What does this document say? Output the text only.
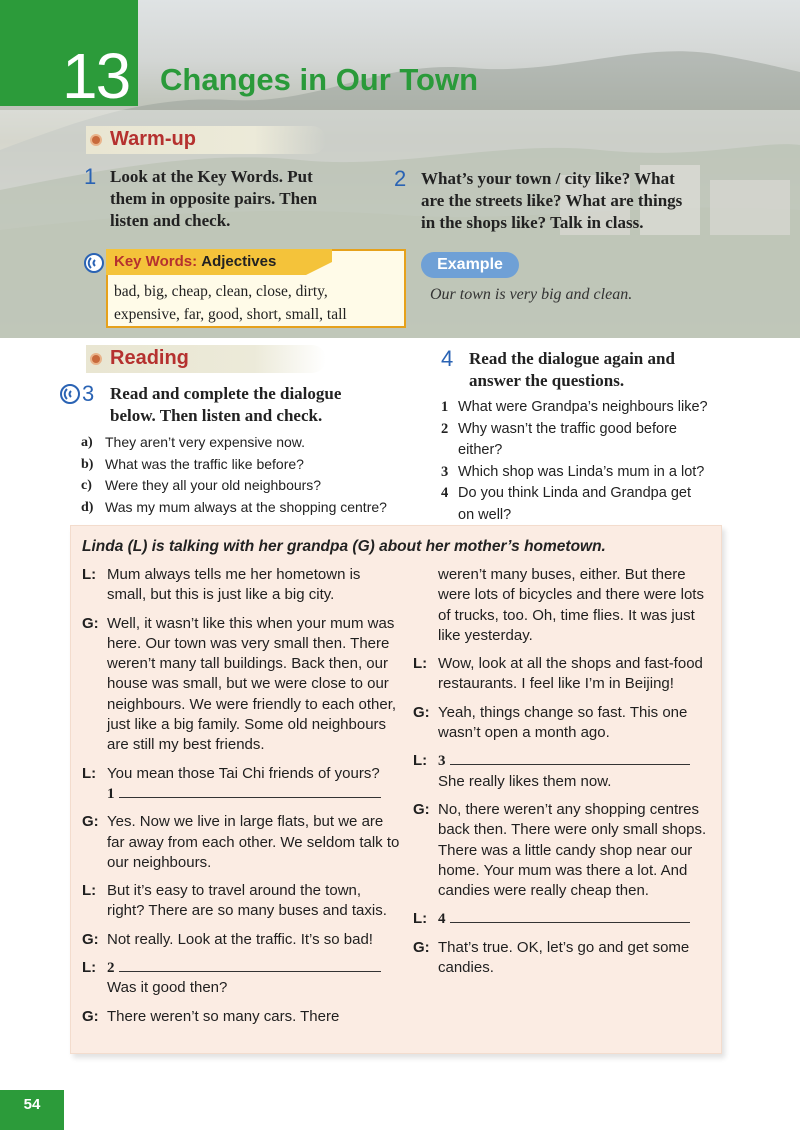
13 Changes in Our Town
Warm-up
1 Look at the Key Words. Put
them in opposite pairs. Then
listen and check.
2 What’s your town / city like? What
are the streets like? What are things
in the shops like? Talk in class.
Key Words: Adjectives
bad, big, cheap, clean, close, dirty,
expensive, far, good, short, small, tall
Example
Our town is very big and clean.
Reading
3 Read and complete the dialogue
below. Then listen and check.
a) They aren’t very expensive now.
b) What was the traffic like before?
c) Were they all your old neighbours?
d) Was my mum always at the shopping centre?
4 Read the dialogue again and
answer the questions.
1 What were Grandpa’s neighbours like?
2 Why wasn’t the traffic good before either?
3 Which shop was Linda’s mum in a lot?
4 Do you think Linda and Grandpa get on well?
Linda (L) is talking with her grandpa (G) about her mother’s hometown.
L: Mum always tells me her hometown is small, but this is just like a big city.
G: Well, it wasn’t like this when your mum was here. Our town was very small then. There weren’t many tall buildings. Back then, our house was small, but we were close to our neighbours. We were friendly to each other, just like a big family. Some old neighbours are still my best friends.
L: You mean those Tai Chi friends of yours?
1
G: Yes. Now we live in large flats, but we are far away from each other. We seldom talk to our neighbours.
L: But it’s easy to travel around the town, right? There are so many buses and taxis.
G: Not really. Look at the traffic. It’s so bad!
L: 2
Was it good then?
G: There weren’t so many cars. There
weren’t many buses, either. But there were lots of bicycles and there were lots of trucks, too. Oh, time flies. It was just like yesterday.
L: Wow, look at all the shops and fast-food restaurants. I feel like I’m in Beijing!
G: Yeah, things change so fast. This one wasn’t open a month ago.
L: 3
She really likes them now.
G: No, there weren’t any shopping centres back then. There were only small shops. There was a little candy shop near our home. Your mum was there a lot. And candies were really cheap then.
L: 4
G: That’s true. OK, let’s go and get some candies.
54
